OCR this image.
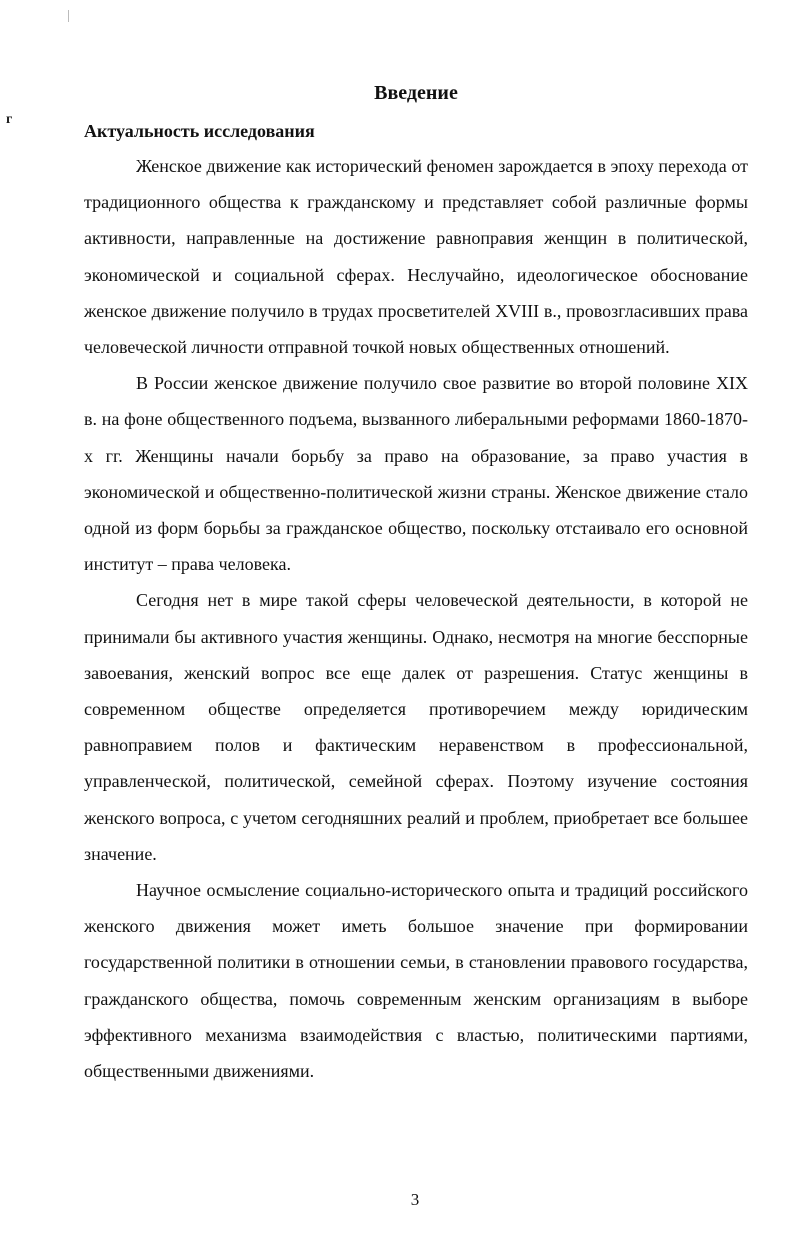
г
Введение
Актуальность исследования

Женское движение как исторический феномен зарождается в эпоху перехода от традиционного общества к гражданскому и представляет собой различные формы активности, направленные на достижение равноправия женщин в политической, экономической и социальной сферах. Неслучайно, идеологическое обоснование женское движение получило в трудах просветителей XVIII в., провозгласивших права человеческой личности отправной точкой новых общественных отношений.

В России женское движение получило свое развитие во второй половине XIX в. на фоне общественного подъема, вызванного либеральными реформами 1860-1870-х гг. Женщины начали борьбу за право на образование, за право участия в экономической и общественно-политической жизни страны. Женское движение стало одной из форм борьбы за гражданское общество, поскольку отстаивало его основной институт – права человека.

Сегодня нет в мире такой сферы человеческой деятельности, в которой не принимали бы активного участия женщины. Однако, несмотря на многие бесспорные завоевания, женский вопрос все еще далек от разрешения. Статус женщины в современном обществе определяется противоречием между юридическим равноправием полов и фактическим неравенством в профессиональной, управленческой, политической, семейной сферах. Поэтому изучение состояния женского вопроса, с учетом сегодняшних реалий и проблем, приобретает все большее значение.

Научное осмысление социально-исторического опыта и традиций российского женского движения может иметь большое значение при формировании государственной политики в отношении семьи, в становлении правового государства, гражданского общества, помочь современным женским организациям в выборе эффективного механизма взаимодействия с властью, политическими партиями, общественными движениями.

3
